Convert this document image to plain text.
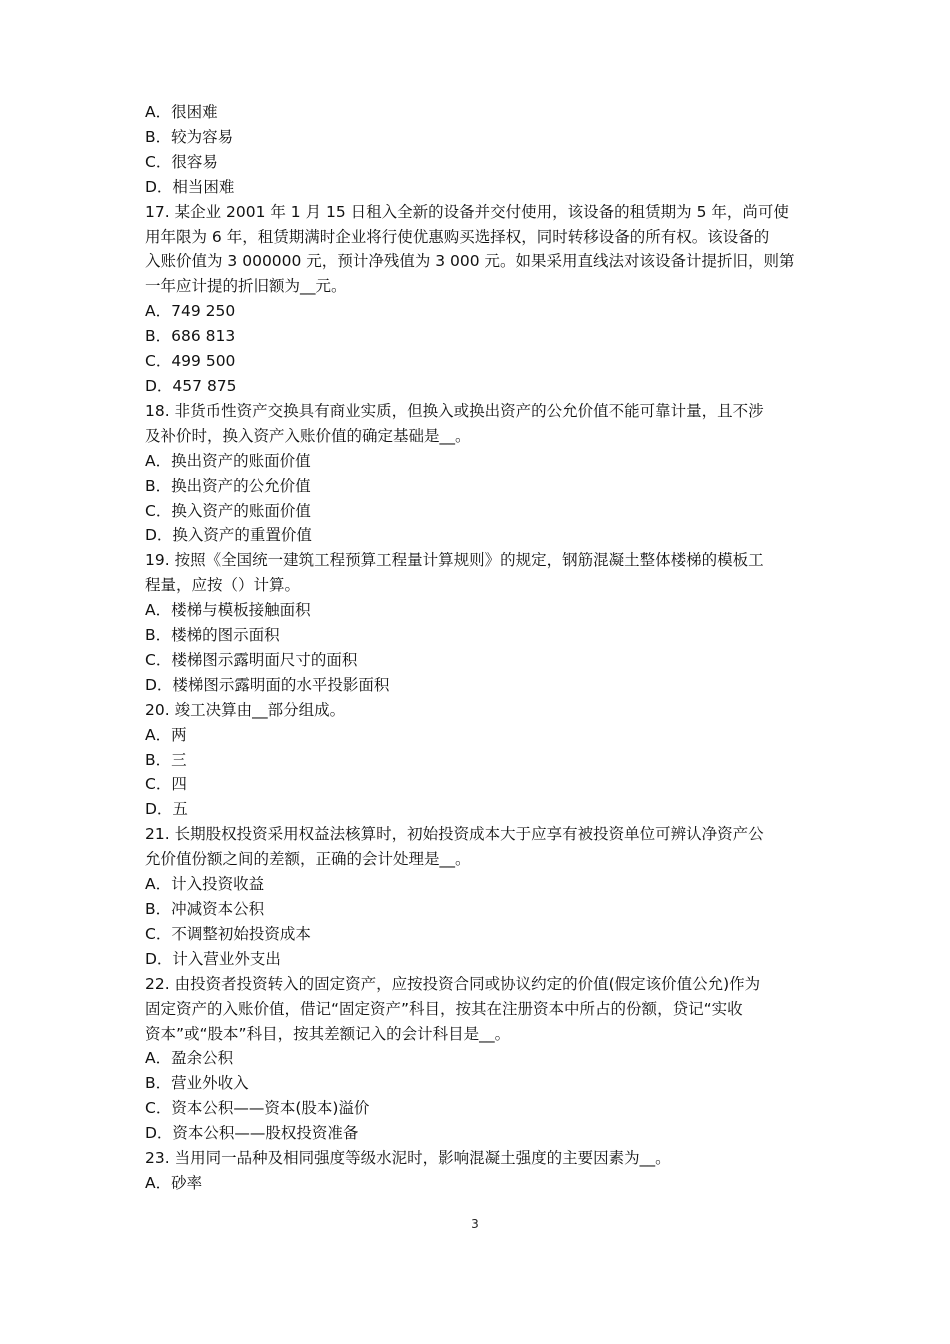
A．很困难
B．较为容易
C．很容易
D．相当困难
17. 某企业 2001 年 1 月 15 日租入全新的设备并交付使用，该设备的租赁期为 5 年，尚可使
用年限为 6 年，租赁期满时企业将行使优惠购买选择权，同时转移设备的所有权。该设备的
入账价值为 3 000000 元，预计净残值为 3 000 元。如果采用直线法对该设备计提折旧，则第
一年应计提的折旧额为__元。
A．749 250
B．686 813
C．499 500
D．457 875
18. 非货币性资产交换具有商业实质，但换入或换出资产的公允价值不能可靠计量，且不涉
及补价时，换入资产入账价值的确定基础是__。
A．换出资产的账面价值
B．换出资产的公允价值
C．换入资产的账面价值
D．换入资产的重置价值
19. 按照《全国统一建筑工程预算工程量计算规则》的规定，钢筋混凝土整体楼梯的模板工
程量，应按（）计算。
A．楼梯与模板接触面积
B．楼梯的图示面积
C．楼梯图示露明面尺寸的面积
D．楼梯图示露明面的水平投影面积
20. 竣工决算由__部分组成。
A．两
B．三
C．四
D．五
21. 长期股权投资采用权益法核算时，初始投资成本大于应享有被投资单位可辨认净资产公
允价值份额之间的差额，正确的会计处理是__。
A．计入投资收益
B．冲减资本公积
C．不调整初始投资成本
D．计入营业外支出
22. 由投资者投资转入的固定资产，应按投资合同或协议约定的价值(假定该价值公允)作为
固定资产的入账价值，借记“固定资产”科目，按其在注册资本中所占的份额，贷记“实收
资本”或“股本”科目，按其差额记入的会计科目是__。
A．盈余公积
B．营业外收入
C．资本公积——资本(股本)溢价
D．资本公积——股权投资准备
23. 当用同一品种及相同强度等级水泥时，影响混凝土强度的主要因素为__。
A．砂率
3
